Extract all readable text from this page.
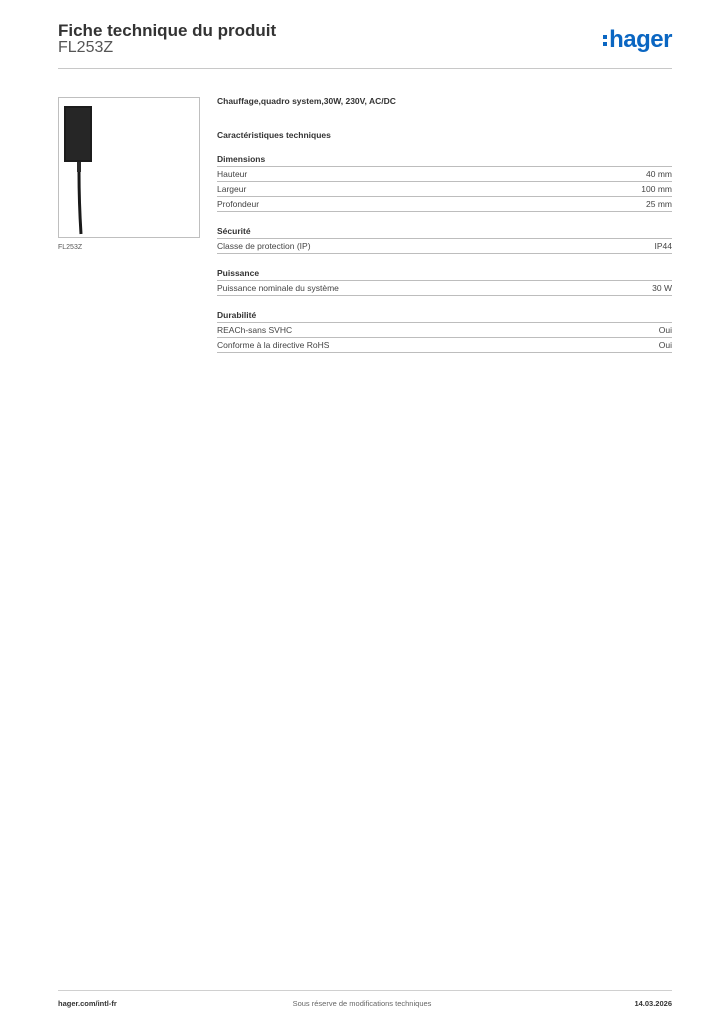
Fiche technique du produit
FL253Z	hager
FL253Z
Chauffage,quadro system,30W, 230V, AC/DC
Caractéristiques techniques
Dimensions
Hauteur	40 mm
Largeur	100 mm
Profondeur	25 mm
Sécurité
Classe de protection (IP)	IP44
Puissance
Puissance nominale du système	30 W
Durabilité
REACh-sans SVHC	Oui
Conforme à la directive RoHS	Oui
hager.com/intl-fr	Sous réserve de modifications techniques	14.03.2026
